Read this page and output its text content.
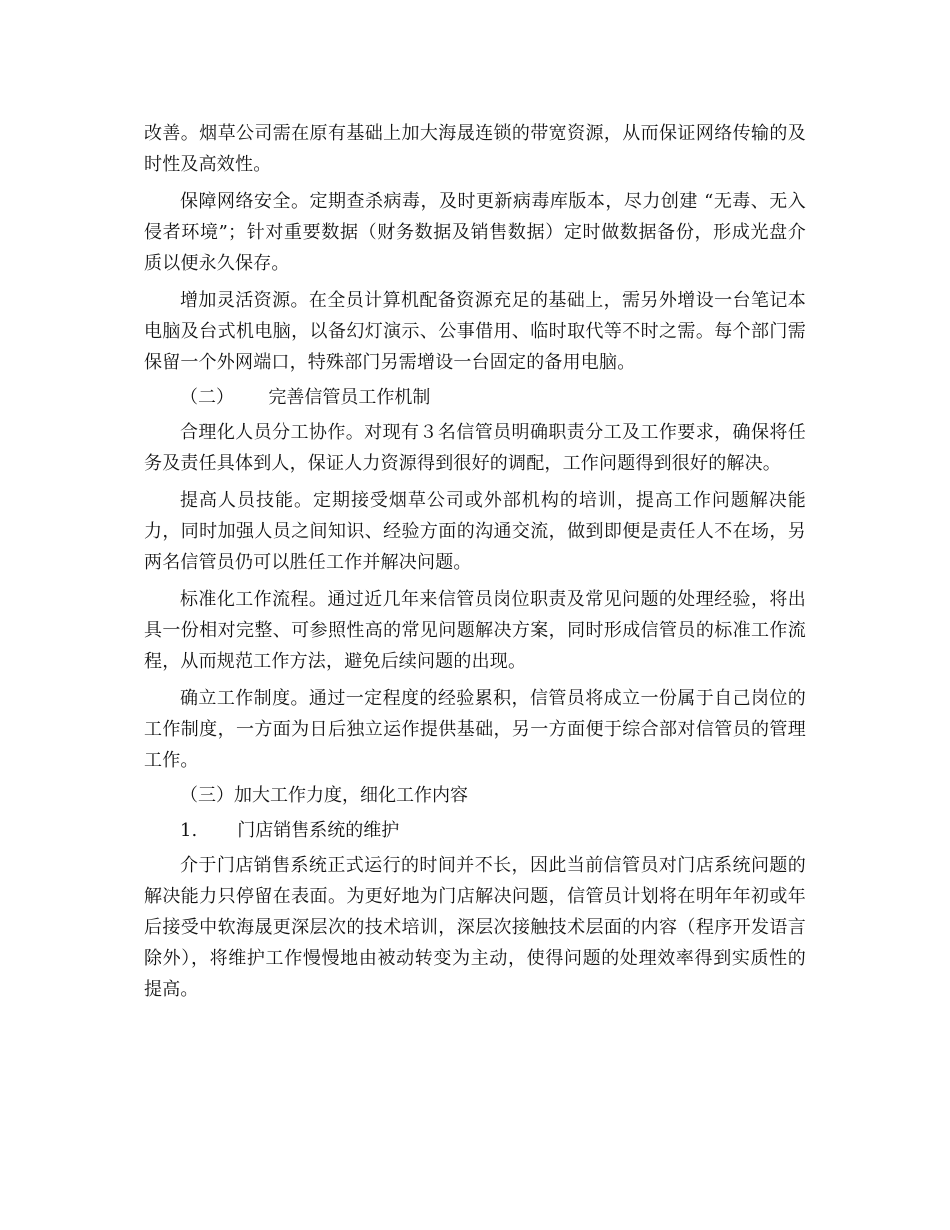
改善。烟草公司需在原有基础上加大海晟连锁的带宽资源，从而保证网络传输的及时性及高效性。

保障网络安全。定期查杀病毒，及时更新病毒库版本，尽力创建 “无毒、无入侵者环境”；针对重要数据（财务数据及销售数据）定时做数据备份，形成光盘介质以便永久保存。

增加灵活资源。在全员计算机配备资源充足的基础上，需另外增设一台笔记本电脑及台式机电脑，以备幻灯演示、公事借用、临时取代等不时之需。每个部门需保留一个外网端口，特殊部门另需增设一台固定的备用电脑。

（二）      完善信管员工作机制

合理化人员分工协作。对现有３名信管员明确职责分工及工作要求，确保将任务及责任具体到人，保证人力资源得到很好的调配，工作问题得到很好的解决。

提高人员技能。定期接受烟草公司或外部机构的培训，提高工作问题解决能力，同时加强人员之间知识、经验方面的沟通交流，做到即便是责任人不在场，另两名信管员仍可以胜任工作并解决问题。

标准化工作流程。通过近几年来信管员岗位职责及常见问题的处理经验，将出具一份相对完整、可参照性高的常见问题解决方案，同时形成信管员的标准工作流程，从而规范工作方法，避免后续问题的出现。

确立工作制度。通过一定程度的经验累积，信管员将成立一份属于自己岗位的工作制度，一方面为日后独立运作提供基础，另一方面便于综合部对信管员的管理工作。

（三）加大工作力度，细化工作内容

1.       门店销售系统的维护

介于门店销售系统正式运行的时间并不长，因此当前信管员对门店系统问题的解决能力只停留在表面。为更好地为门店解决问题，信管员计划将在明年年初或年后接受中软海晟更深层次的技术培训，深层次接触技术层面的内容（程序开发语言除外），将维护工作慢慢地由被动转变为主动，使得问题的处理效率得到实质性的提高。
